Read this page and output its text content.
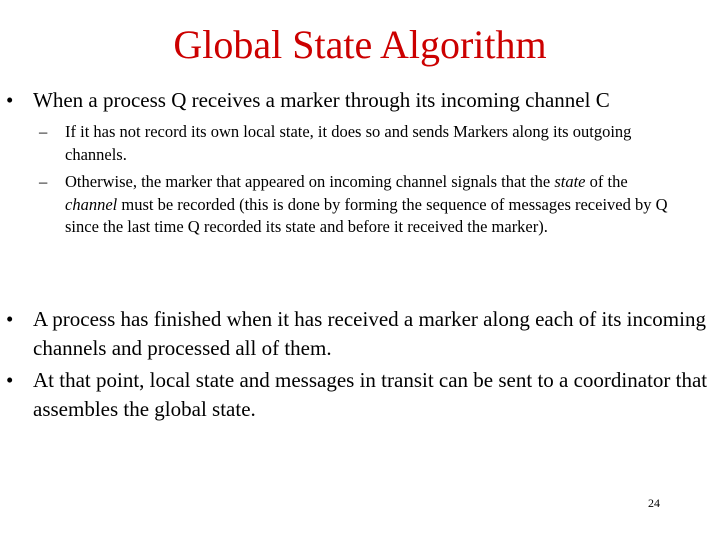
Global State Algorithm
• When a process Q receives a marker through its incoming channel C
–	If it has not record its own local state, it does so and sends Markers along its outgoing channels.
–	Otherwise, the marker that appeared on incoming channel signals that the state of the channel must be recorded (this is done by forming the sequence of messages received by Q since the last time Q recorded its state and before it received the marker).
• A process has finished when it has received a marker along each of its incoming channels and processed all of them.
• At that point, local state and messages in transit can be sent to a coordinator that assembles the global state.
24
